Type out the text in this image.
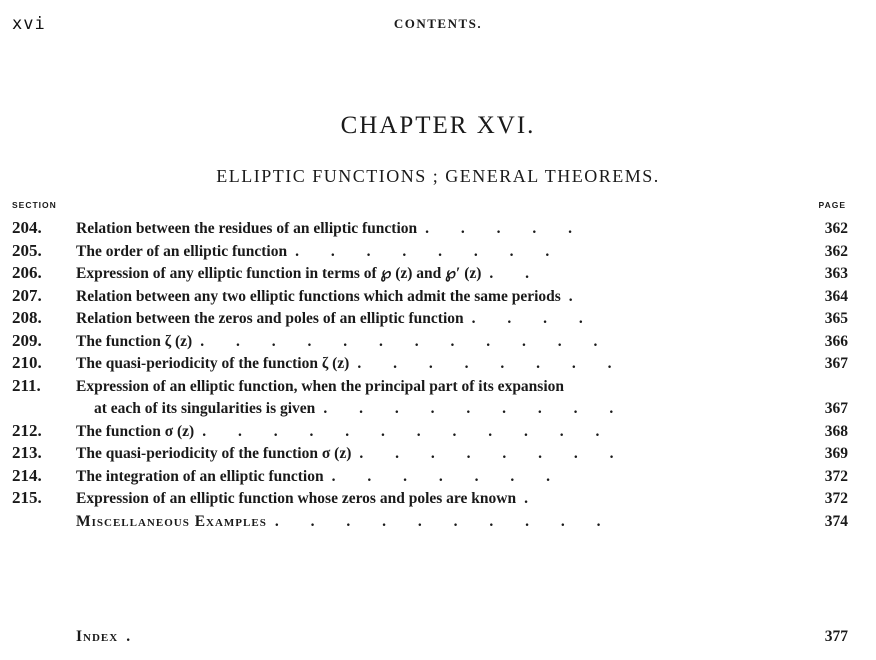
xvi	CONTENTS.
CHAPTER XVI.
ELLIPTIC FUNCTIONS ; GENERAL THEOREMS.
SECTION	PAGE
204.	Relation between the residues of an elliptic function . . . . .	362
205.	The order of an elliptic function . . . . . . . .	362
206.	Expression of any elliptic function in terms of ℘ (z) and ℘′ (z) . .	363
207.	Relation between any two elliptic functions which admit the same periods .	364
208.	Relation between the zeros and poles of an elliptic function . . . .	365
209.	The function ζ (z) . . . . . . . . . . . .	366
210.	The quasi-periodicity of the function ζ (z) . . . . . . . .	367
211.	Expression of an elliptic function, when the principal part of its expansion
at each of its singularities is given . . . . . . . . .	367
212.	The function σ (z) . . . . . . . . . . . .	368
213.	The quasi-periodicity of the function σ (z) . . . . . . . .	369
214.	The integration of an elliptic function . . . . . . .	372
215.	Expression of an elliptic function whose zeros and poles are known .	372
Miscellaneous Examples . . . . . . . . . .	374
Index .	377
